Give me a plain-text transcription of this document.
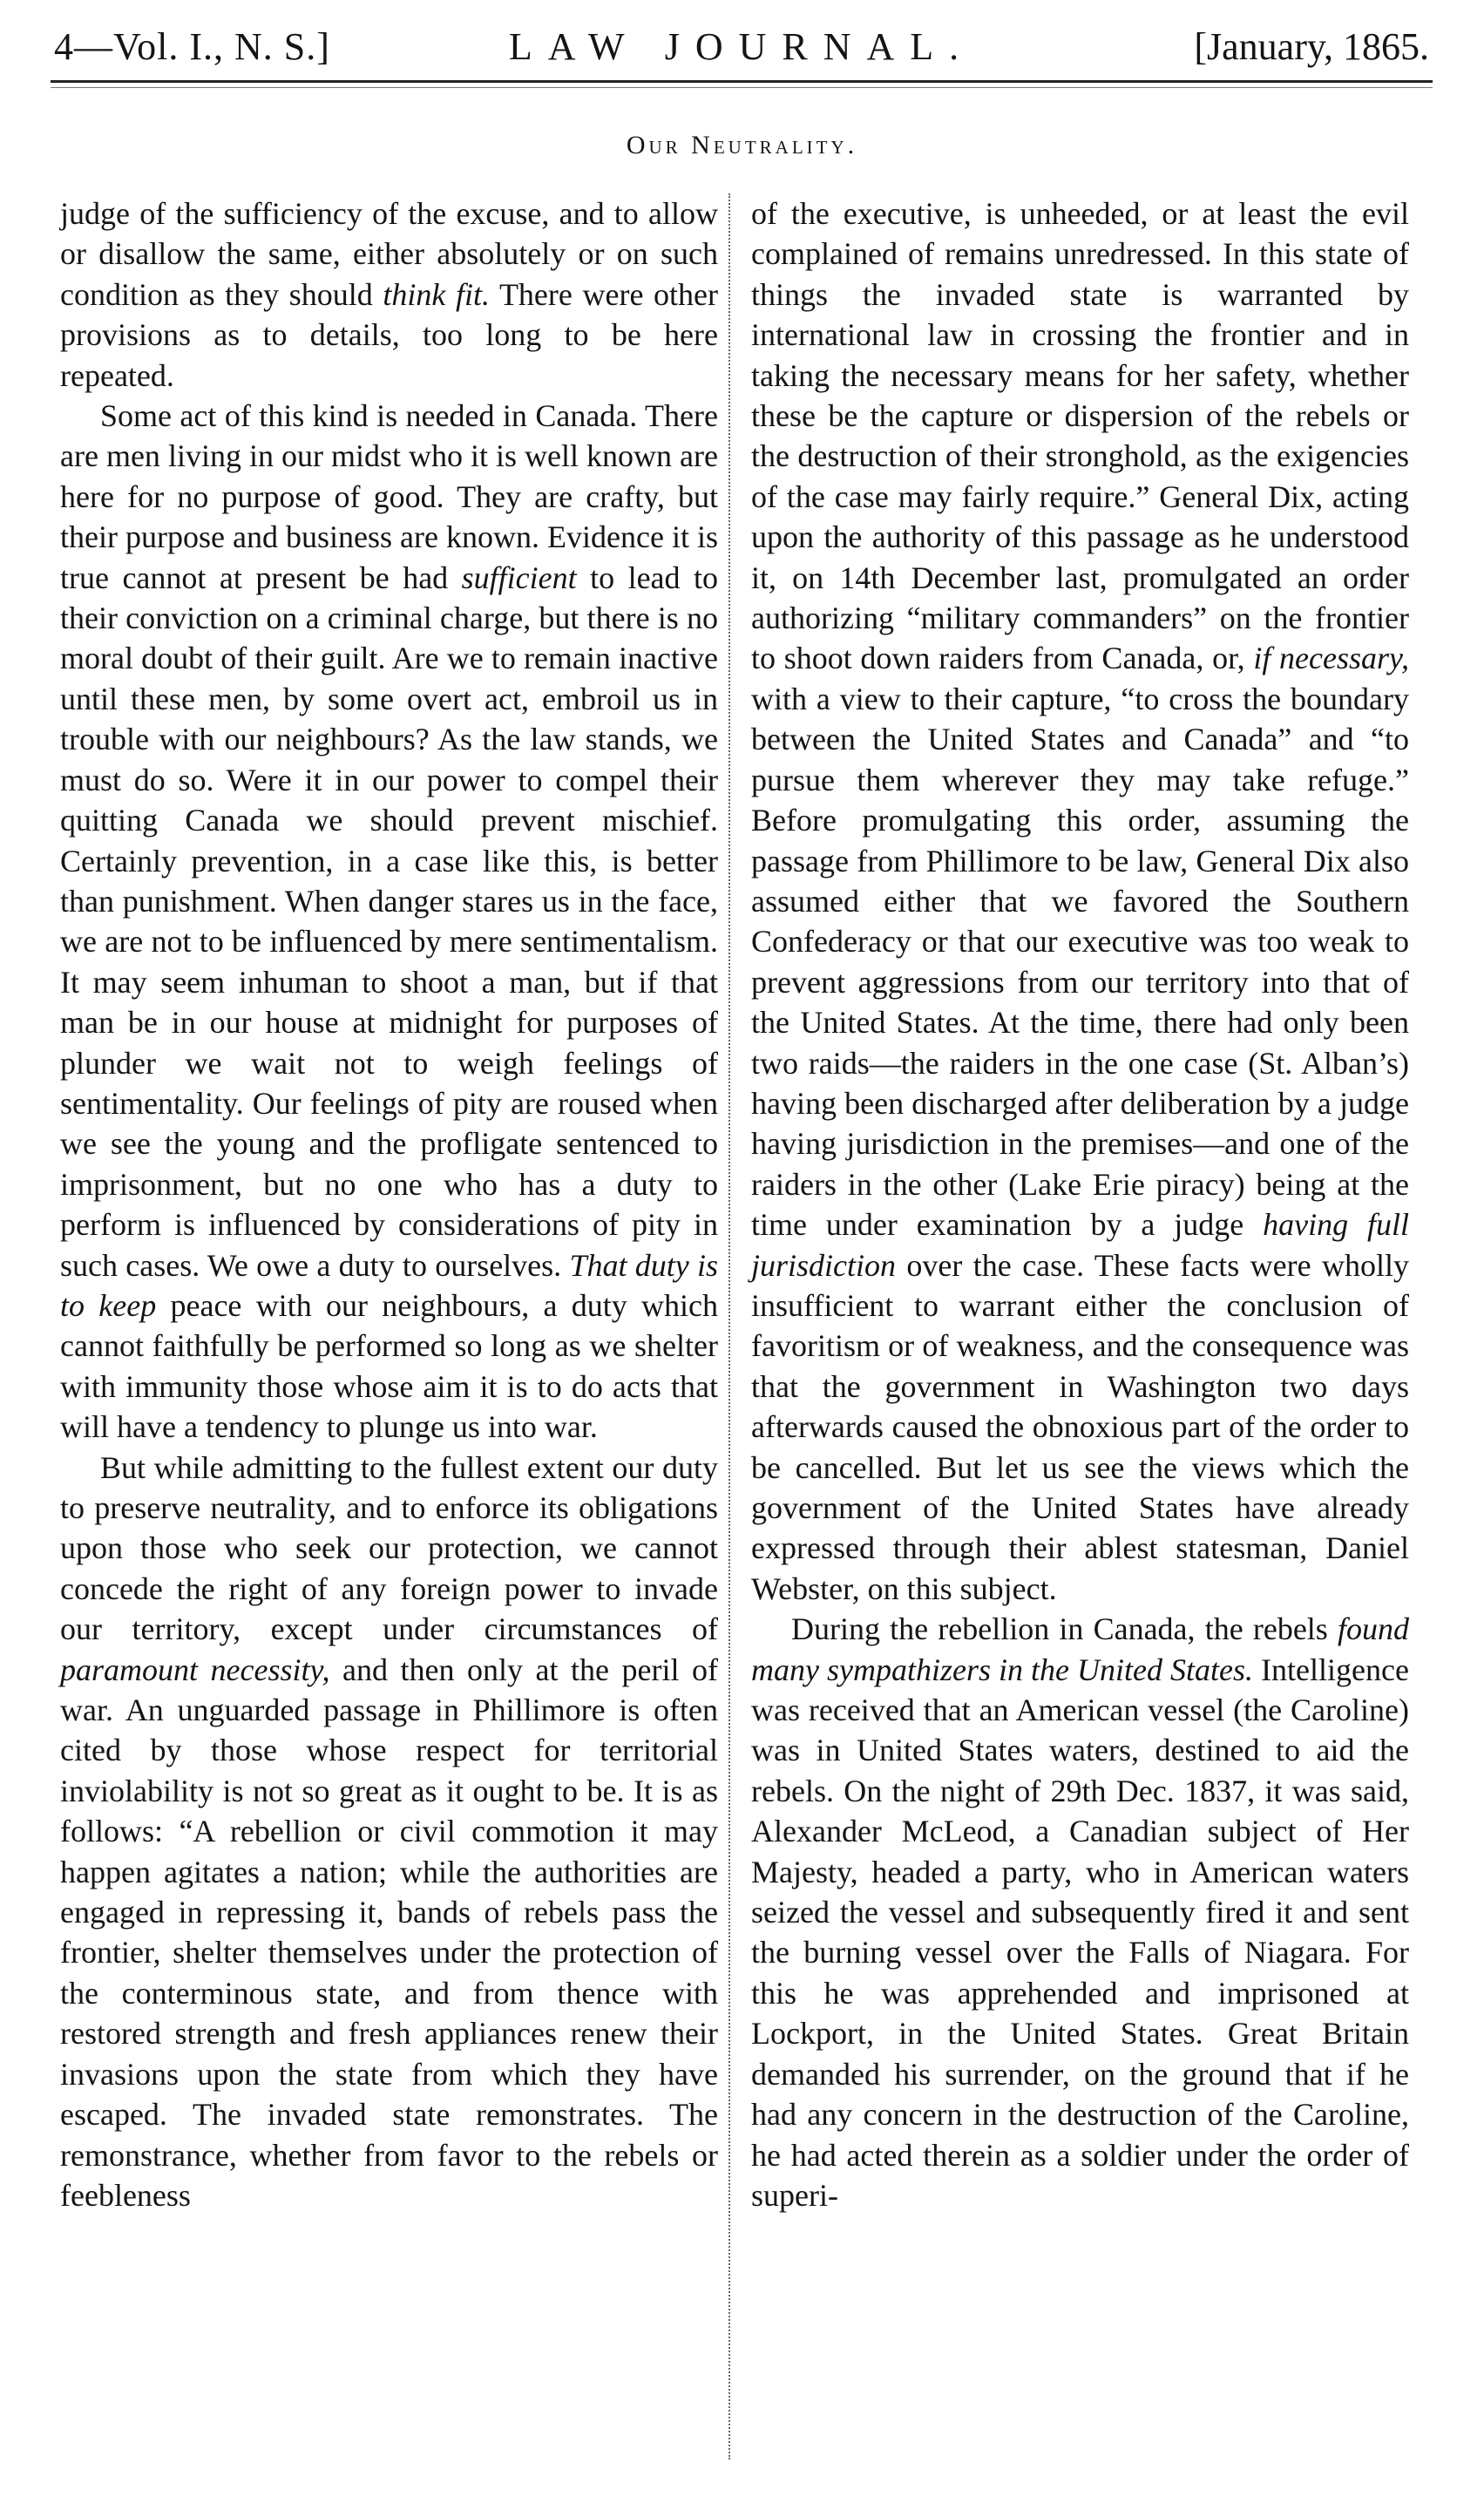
4—Vol. I., N. S.]	LAW JOURNAL.	[January, 1865.
Our Neutrality.

judge of the sufficiency of the excuse, and to allow or disallow the same, either absolutely or on such condition as they should think fit. There were other provisions as to details, too long to be here repeated.

Some act of this kind is needed in Canada. There are men living in our midst who it is well known are here for no purpose of good. They are crafty, but their purpose and business are known. Evidence it is true cannot at present be had sufficient to lead to their conviction on a criminal charge, but there is no moral doubt of their guilt. Are we to remain inactive until these men, by some overt act, embroil us in trouble with our neighbours? As the law stands, we must do so. Were it in our power to compel their quitting Canada we should prevent mischief. Certainly prevention, in a case like this, is better than punishment. When danger stares us in the face, we are not to be influenced by mere sentimentalism. It may seem inhuman to shoot a man, but if that man be in our house at midnight for purposes of plunder we wait not to weigh feelings of sentimentality. Our feelings of pity are roused when we see the young and the profligate sentenced to imprisonment, but no one who has a duty to perform is influenced by considerations of pity in such cases. We owe a duty to ourselves. That duty is to keep peace with our neighbours, a duty which cannot faithfully be performed so long as we shelter with immunity those whose aim it is to do acts that will have a tendency to plunge us into war.

But while admitting to the fullest extent our duty to preserve neutrality, and to enforce its obligations upon those who seek our protection, we cannot concede the right of any foreign power to invade our territory, except under circumstances of paramount necessity, and then only at the peril of war. An unguarded passage in Phillimore is often cited by those whose respect for territorial inviolability is not so great as it ought to be. It is as follows: “A rebellion or civil commotion it may happen agitates a nation; while the authorities are engaged in repressing it, bands of rebels pass the frontier, shelter themselves under the protection of the conterminous state, and from thence with restored strength and fresh appliances renew their invasions upon the state from which they have escaped. The invaded state remonstrates. The remonstrance, whether from favor to the rebels or feebleness

of the executive, is unheeded, or at least the evil complained of remains unredressed. In this state of things the invaded state is warranted by international law in crossing the frontier and in taking the necessary means for her safety, whether these be the capture or dispersion of the rebels or the destruction of their stronghold, as the exigencies of the case may fairly require.” General Dix, acting upon the authority of this passage as he understood it, on 14th December last, promulgated an order authorizing “military commanders” on the frontier to shoot down raiders from Canada, or, if necessary, with a view to their capture, “to cross the boundary between the United States and Canada” and “to pursue them wherever they may take refuge.” Before promulgating this order, assuming the passage from Phillimore to be law, General Dix also assumed either that we favored the Southern Confederacy or that our executive was too weak to prevent aggressions from our territory into that of the United States. At the time, there had only been two raids—the raiders in the one case (St. Alban’s) having been discharged after deliberation by a judge having jurisdiction in the premises—and one of the raiders in the other (Lake Erie piracy) being at the time under examination by a judge having full jurisdiction over the case. These facts were wholly insufficient to warrant either the conclusion of favoritism or of weakness, and the consequence was that the government in Washington two days afterwards caused the obnoxious part of the order to be cancelled. But let us see the views which the government of the United States have already expressed through their ablest statesman, Daniel Webster, on this subject.

During the rebellion in Canada, the rebels found many sympathizers in the United States. Intelligence was received that an American vessel (the Caroline) was in United States waters, destined to aid the rebels. On the night of 29th Dec. 1837, it was said, Alexander McLeod, a Canadian subject of Her Majesty, headed a party, who in American waters seized the vessel and subsequently fired it and sent the burning vessel over the Falls of Niagara. For this he was apprehended and imprisoned at Lockport, in the United States. Great Britain demanded his surrender, on the ground that if he had any concern in the destruction of the Caroline, he had acted therein as a soldier under the order of superi-
